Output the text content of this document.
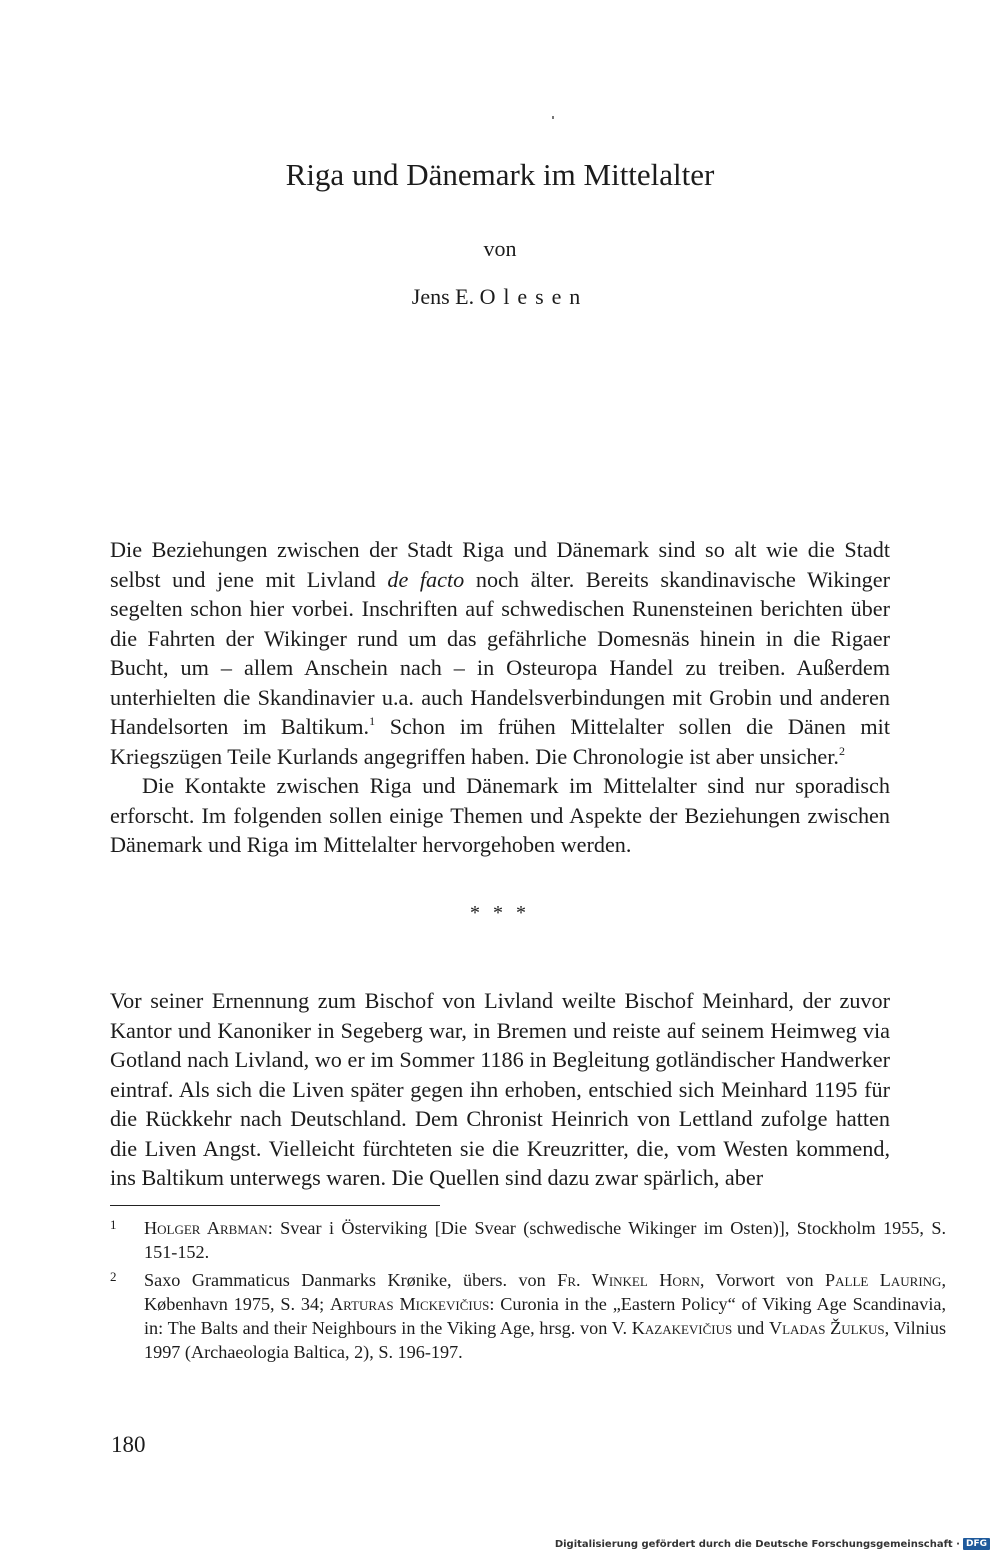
Riga und Dänemark im Mittelalter
von
Jens E. Olesen

Die Beziehungen zwischen der Stadt Riga und Dänemark sind so alt wie die Stadt selbst und jene mit Livland de facto noch älter. Bereits skandinavische Wikinger segelten schon hier vorbei. Inschriften auf schwedischen Runensteinen berichten über die Fahrten der Wikinger rund um das gefährliche Domesnäs hinein in die Rigaer Bucht, um – allem Anschein nach – in Osteuropa Handel zu treiben. Außerdem unterhielten die Skandinavier u.a. auch Handelsverbindungen mit Grobin und anderen Handelsorten im Baltikum.$^1$ Schon im frühen Mittelalter sollen die Dänen mit Kriegszügen Teile Kurlands angegriffen haben. Die Chronologie ist aber unsicher.$^2$

Die Kontakte zwischen Riga und Dänemark im Mittelalter sind nur sporadisch erforscht. Im folgenden sollen einige Themen und Aspekte der Beziehungen zwischen Dänemark und Riga im Mittelalter hervorgehoben werden.

* * *

Vor seiner Ernennung zum Bischof von Livland weilte Bischof Meinhard, der zuvor Kantor und Kanoniker in Segeberg war, in Bremen und reiste auf seinem Heimweg via Gotland nach Livland, wo er im Sommer 1186 in Begleitung gotländischer Handwerker eintraf. Als sich die Liven später gegen ihn erhoben, entschied sich Meinhard 1195 für die Rückkehr nach Deutschland. Dem Chronist Heinrich von Lettland zufolge hatten die Liven Angst. Vielleicht fürchteten sie die Kreuzritter, die, vom Westen kommend, ins Baltikum unterwegs waren. Die Quellen sind dazu zwar spärlich, aber

1	Holger Arbman: Svear i Österviking [Die Svear (schwedische Wikinger im Osten)], Stockholm 1955, S. 151-152.
2	Saxo Grammaticus Danmarks Krønike, übers. von Fr. Winkel Horn, Vorwort von Palle Lauring, København 1975, S. 34; Arturas Mickevičius: Curonia in the „Eastern Policy“ of Viking Age Scandinavia, in: The Balts and their Neighbours in the Viking Age, hrsg. von V. Kazakevičius und Vladas Žulkus, Vilnius 1997 (Archaeologia Baltica, 2), S. 196-197.
180
Digitalisierung gefördert durch die Deutsche Forschungsgemeinschaft · DFG
